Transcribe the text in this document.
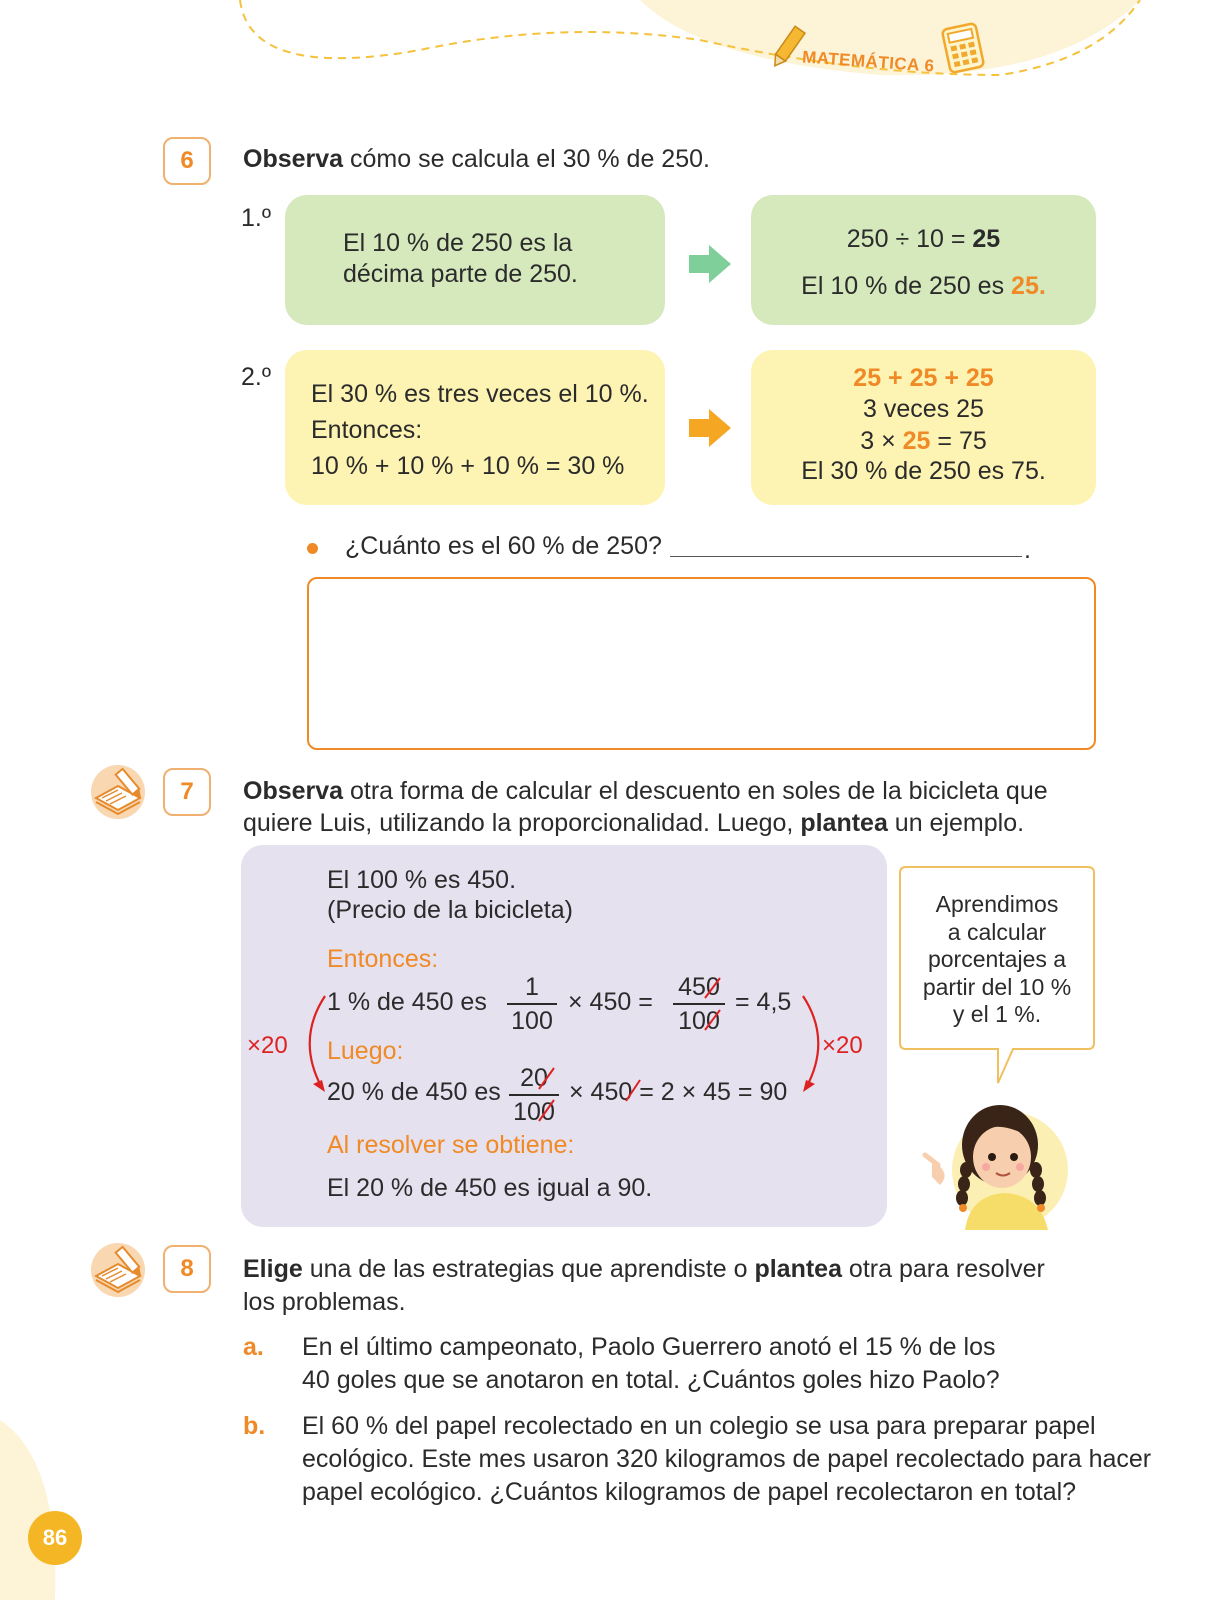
MATEMÁTICA 6
6	Observa cómo se calcula el 30 % de 250.
1.º
El 10 % de 250 es la
décima parte de 250.
250 ÷ 10 = 25
El 10 % de 250 es 25.
2.º
El 30 % es tres veces el 10 %.
Entonces:
10 % + 10 % + 10 % = 30 %
25 + 25 + 25
3 veces 25
3 × 25 = 75
El 30 % de 250 es 75.
¿Cuánto es el 60 % de 250?	.
7	Observa otra forma de calcular el descuento en soles de la bicicleta que
quiere Luis, utilizando la proporcionalidad. Luego, plantea un ejemplo.
El 100 % es 450.
(Precio de la bicicleta)
Entonces:
1 % de 450 es
1
100
× 450 =
450
100
= 4,5
Luego:
20 % de 450 es 20
100
× 450 = 2 × 45 = 90
×20	×20
Al resolver se obtiene:
El 20 % de 450 es igual a 90.
Aprendimos
a calcular
porcentajes a
partir del 10 %
y el 1 %.
8	Elige una de las estrategias que aprendiste o plantea otra para resolver
los problemas.
a. En el último campeonato, Paolo Guerrero anotó el 15 % de los
40 goles que se anotaron en total. ¿Cuántos goles hizo Paolo?
b. El 60 % del papel recolectado en un colegio se usa para preparar papel
ecológico. Este mes usaron 320 kilogramos de papel recolectado para hacer
papel ecológico. ¿Cuántos kilogramos de papel recolectaron en total?
86
